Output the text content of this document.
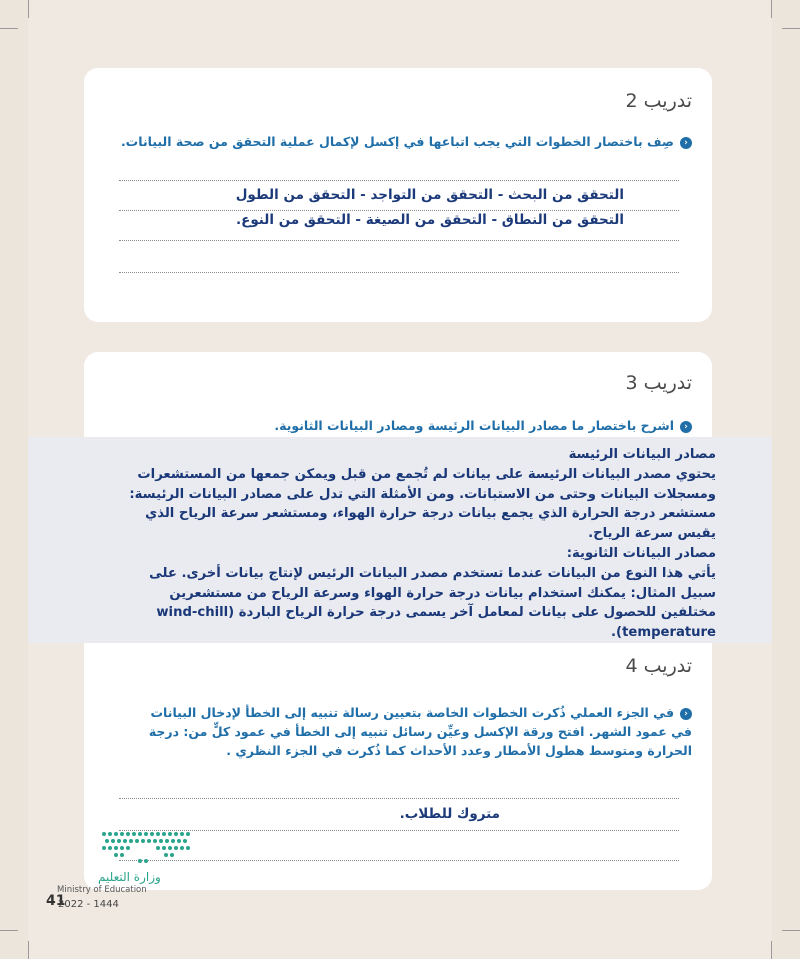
تدريب 2
‹صِف باختصار الخطوات التي يجب اتباعها في إكسل لإكمال عملية التحقق من صحة البيانات.
التحقق من البحث - التحقق من التواجد - التحقق من الطول
التحقق من النطاق - التحقق من الصيغة - التحقق من النوع.
تدريب 3
‹اشرح باختصار ما مصادر البيانات الرئيسة ومصادر البيانات الثانوية.
مصادر البيانات الرئيسة
يحتوي مصدر البيانات الرئيسة على بيانات لم تُجمع من قبل ويمكن جمعها من المستشعرات ومسجلات البيانات وحتى من الاستبانات. ومن الأمثلة التي تدل على مصادر البيانات الرئيسة: مستشعر درجة الحرارة الذي يجمع بيانات درجة حرارة الهواء، ومستشعر سرعة الرياح الذي يقيس سرعة الرياح.
مصادر البيانات الثانوية:
يأتي هذا النوع من البيانات عندما تستخدم مصدر البيانات الرئيس لإنتاج بيانات أخرى. على سبيل المثال: يمكنك استخدام بيانات درجة حرارة الهواء وسرعة الرياح من مستشعرين مختلفين للحصول على بيانات لمعامل آخر يسمى درجة حرارة الرياح الباردة (wind-chill temperature).
تدريب 4
‹في الجزء العملي ذُكرت الخطوات الخاصة بتعيين رسالة تنبيه إلى الخطأ لإدخال البيانات في عمود الشهر. افتح ورقة الإكسل وعيِّن رسائل تنبيه إلى الخطأ في عمود كلٍّ من: درجة الحرارة ومتوسط هطول الأمطار وعدد الأحداث كما ذُكرت في الجزء النظري .
متروك للطلاب.
وزارة التعليم
Ministry of Education
41
2022 - 1444
